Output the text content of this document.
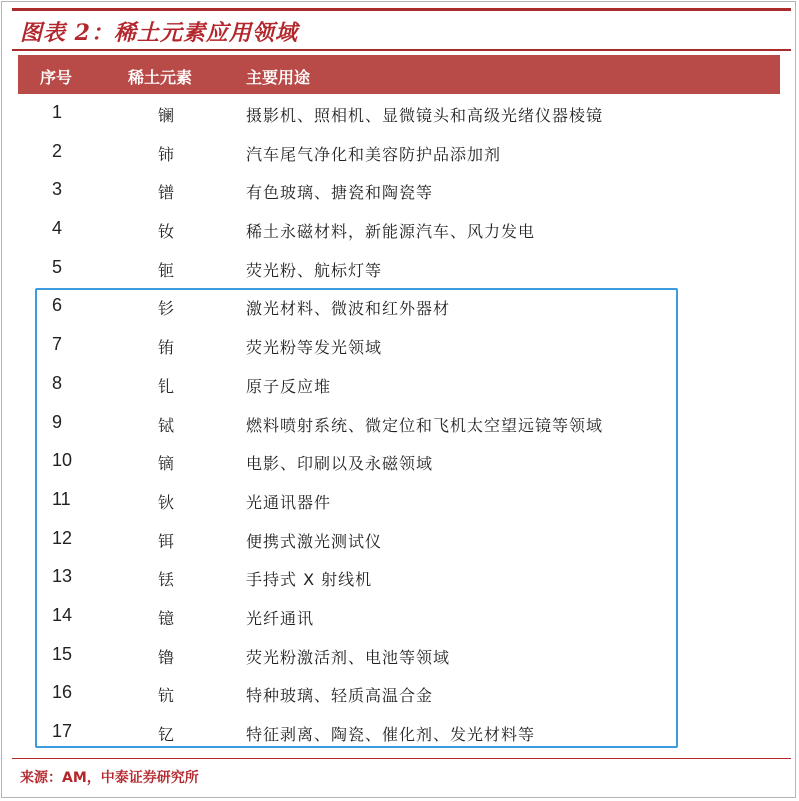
图表 2：稀土元素应用领域
序号	稀土元素	主要用途
1	镧	摄影机、照相机、显微镜头和高级光绪仪器棱镜
2	铈	汽车尾气净化和美容防护品添加剂
3	镨	有色玻璃、搪瓷和陶瓷等
4	钕	稀土永磁材料，新能源汽车、风力发电
5	钷	荧光粉、航标灯等
6	钐	激光材料、微波和红外器材
7	铕	荧光粉等发光领域
8	钆	原子反应堆
9	铽	燃料喷射系统、微定位和飞机太空望远镜等领域
10	镝	电影、印刷以及永磁领域
11	钬	光通讯器件
12	铒	便携式激光测试仪
13	铥	手持式 X 射线机
14	镱	光纤通讯
15	镥	荧光粉激活剂、电池等领域
16	钪	特种玻璃、轻质高温合金
17	钇	特征剥离、陶瓷、催化剂、发光材料等
来源：AM，中泰证券研究所
